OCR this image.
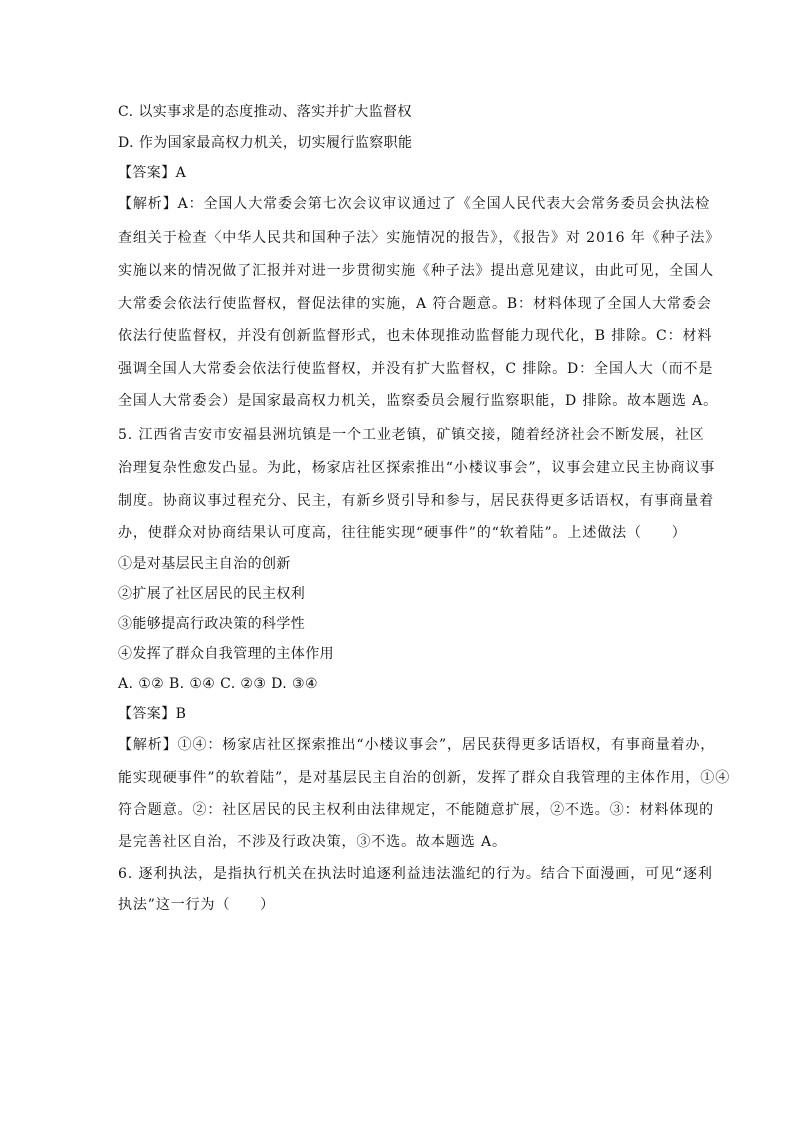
C. 以实事求是的态度推动、落实并扩大监督权
D. 作为国家最高权力机关，切实履行监察职能
【答案】A
【解析】A：全国人大常委会第七次会议审议通过了《全国人民代表大会常务委员会执法检
查组关于检查〈中华人民共和国种子法〉实施情况的报告》，《报告》对 2016 年《种子法》
实施以来的情况做了汇报并对进一步贯彻实施《种子法》提出意见建议，由此可见，全国人
大常委会依法行使监督权，督促法律的实施，A 符合题意。B：材料体现了全国人大常委会
依法行使监督权，并没有创新监督形式，也未体现推动监督能力现代化，B 排除。C：材料
强调全国人大常委会依法行使监督权，并没有扩大监督权，C 排除。D：全国人大（而不是
全国人大常委会）是国家最高权力机关，监察委员会履行监察职能，D 排除。故本题选 A。
5. 江西省吉安市安福县洲坑镇是一个工业老镇，矿镇交接，随着经济社会不断发展，社区
治理复杂性愈发凸显。为此，杨家店社区探索推出“小楼议事会”，议事会建立民主协商议事
制度。协商议事过程充分、民主，有新乡贤引导和参与，居民获得更多话语权，有事商量着
办，使群众对协商结果认可度高，往往能实现“硬事件”的“软着陆”。上述做法（　　）
①是对基层民主自治的创新
②扩展了社区居民的民主权利
③能够提高行政决策的科学性
④发挥了群众自我管理的主体作用
A. ①② B. ①④ C. ②③ D. ③④
【答案】B
【解析】①④：杨家店社区探索推出“小楼议事会”，居民获得更多话语权，有事商量着办，
能实现硬事件”的软着陆”，是对基层民主自治的创新，发挥了群众自我管理的主体作用，①④
符合题意。②：社区居民的民主权利由法律规定，不能随意扩展，②不选。③：材料体现的
是完善社区自治，不涉及行政决策，③不选。故本题选 A。
6. 逐利执法，是指执行机关在执法时追逐利益违法滥纪的行为。结合下面漫画，可见“逐利
执法”这一行为（　　）
